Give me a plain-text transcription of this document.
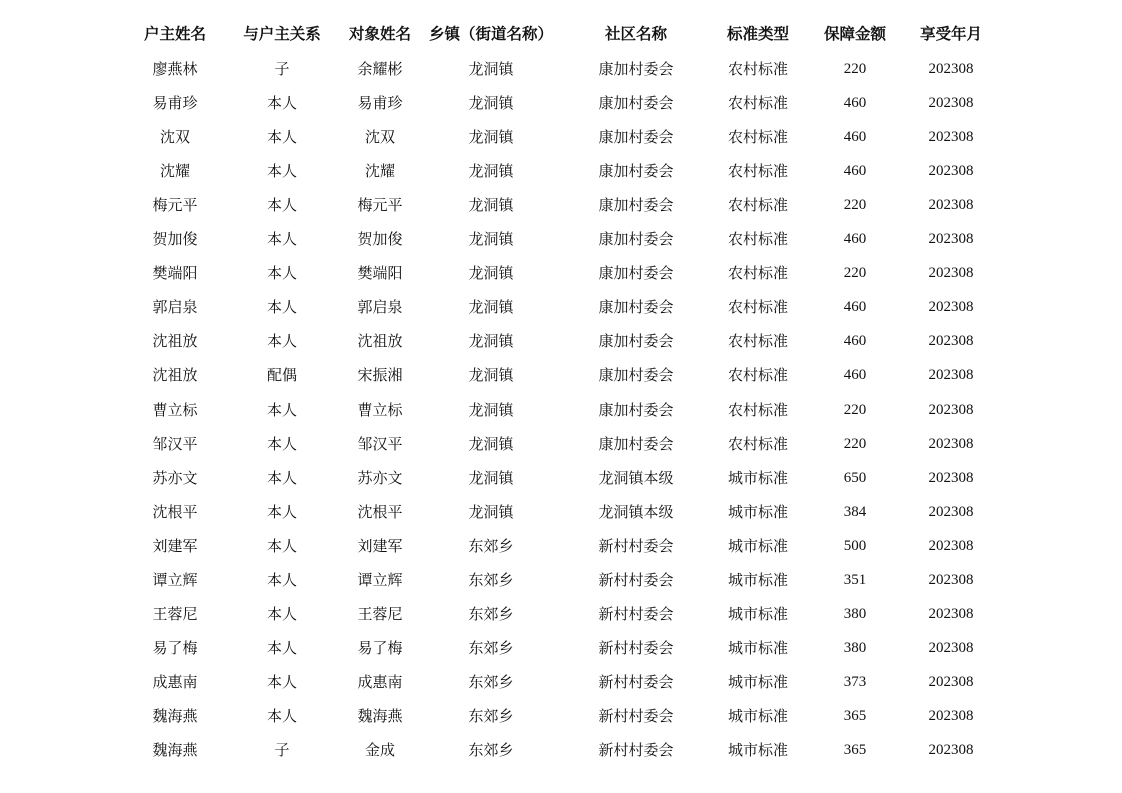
户主姓名	与户主关系	对象姓名	乡镇（街道名称）	社区名称	标准类型	保障金额	享受年月
廖燕林	子	余耀彬	龙洞镇	康加村委会	农村标准	220	202308
易甫珍	本人	易甫珍	龙洞镇	康加村委会	农村标准	460	202308
沈双	本人	沈双	龙洞镇	康加村委会	农村标准	460	202308
沈耀	本人	沈耀	龙洞镇	康加村委会	农村标准	460	202308
梅元平	本人	梅元平	龙洞镇	康加村委会	农村标准	220	202308
贺加俊	本人	贺加俊	龙洞镇	康加村委会	农村标准	460	202308
樊端阳	本人	樊端阳	龙洞镇	康加村委会	农村标准	220	202308
郭启泉	本人	郭启泉	龙洞镇	康加村委会	农村标准	460	202308
沈祖放	本人	沈祖放	龙洞镇	康加村委会	农村标准	460	202308
沈祖放	配偶	宋振湘	龙洞镇	康加村委会	农村标准	460	202308
曹立标	本人	曹立标	龙洞镇	康加村委会	农村标准	220	202308
邹汉平	本人	邹汉平	龙洞镇	康加村委会	农村标准	220	202308
苏亦文	本人	苏亦文	龙洞镇	龙洞镇本级	城市标准	650	202308
沈根平	本人	沈根平	龙洞镇	龙洞镇本级	城市标准	384	202308
刘建军	本人	刘建军	东郊乡	新村村委会	城市标准	500	202308
谭立辉	本人	谭立辉	东郊乡	新村村委会	城市标准	351	202308
王蓉尼	本人	王蓉尼	东郊乡	新村村委会	城市标准	380	202308
易了梅	本人	易了梅	东郊乡	新村村委会	城市标准	380	202308
成惠南	本人	成惠南	东郊乡	新村村委会	城市标准	373	202308
魏海燕	本人	魏海燕	东郊乡	新村村委会	城市标准	365	202308
魏海燕	子	金成	东郊乡	新村村委会	城市标准	365	202308
